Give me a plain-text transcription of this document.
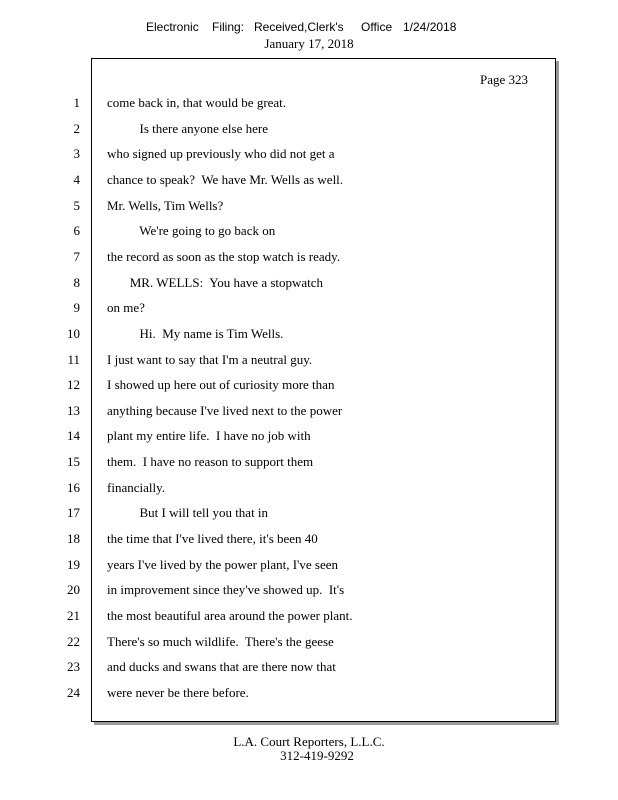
Electronic Filing: Received,Clerk's Office 1/24/2018
January 17, 2018
Page 323
1 come back in, that would be great.
2 Is there anyone else here
3 who signed up previously who did not get a
4 chance to speak?  We have Mr. Wells as well.
5 Mr. Wells, Tim Wells?
6 We're going to go back on
7 the record as soon as the stop watch is ready.
8 MR. WELLS:  You have a stopwatch
9 on me?
10 Hi.  My name is Tim Wells.
11 I just want to say that I'm a neutral guy.
12 I showed up here out of curiosity more than
13 anything because I've lived next to the power
14 plant my entire life.  I have no job with
15 them.  I have no reason to support them
16 financially.
17 But I will tell you that in
18 the time that I've lived there, it's been 40
19 years I've lived by the power plant, I've seen
20 in improvement since they've showed up.  It's
21 the most beautiful area around the power plant.
22 There's so much wildlife.  There's the geese
23 and ducks and swans that are there now that
24 were never be there before.
L.A. Court Reporters, L.L.C.
312-419-9292
